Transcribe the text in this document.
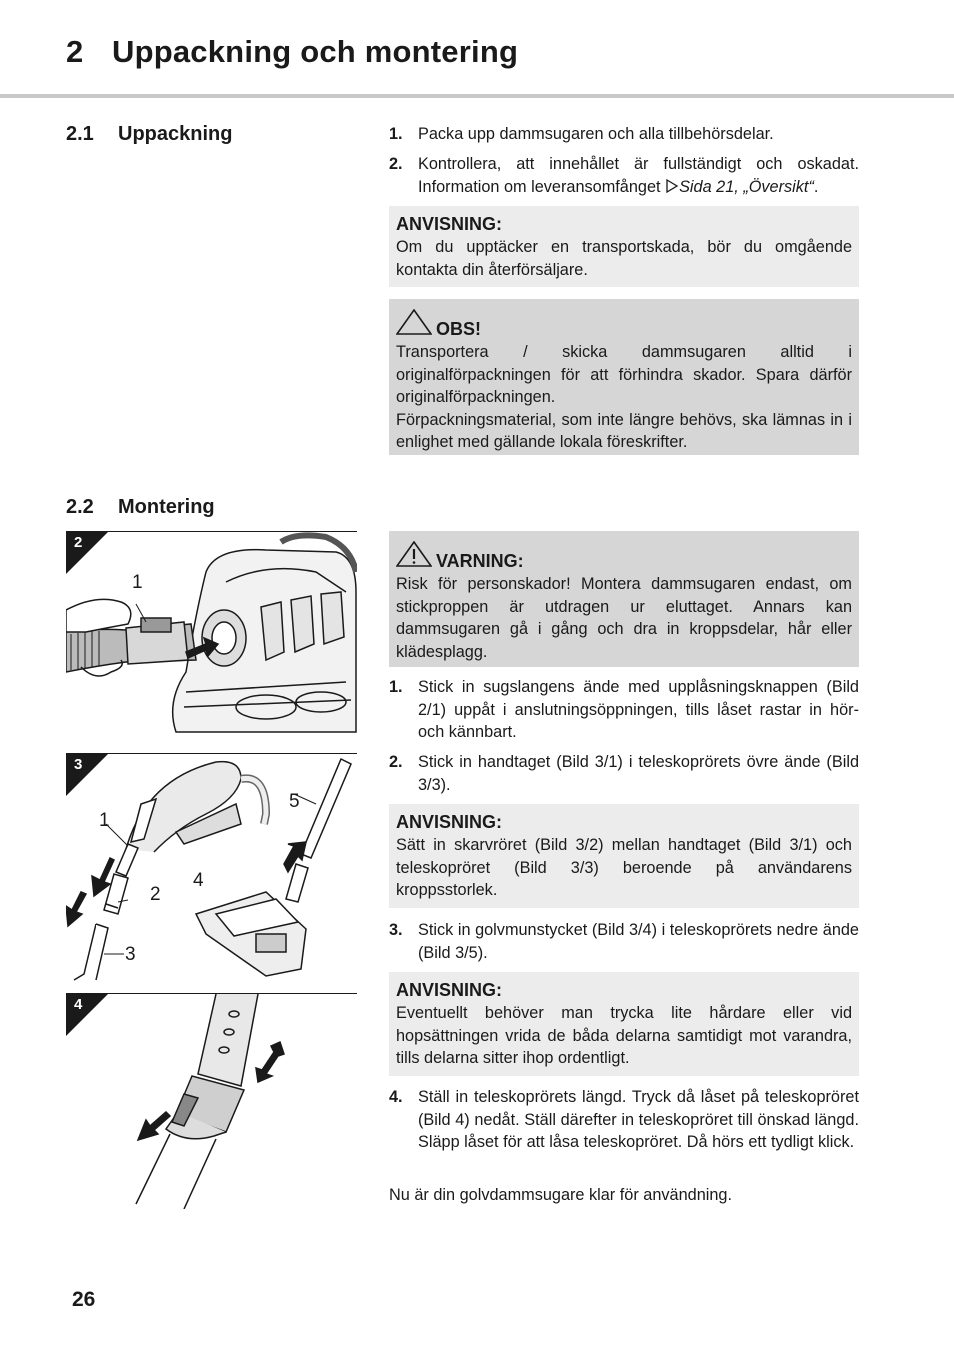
2 Uppackning och montering
2.1 Uppackning	1. Packa upp dammsugaren och alla tillbehörsdelar.
2. Kontrollera, att innehållet är fullständigt och oskadat. Information om leveransomfånget Sida 21, „Översikt“.
ANVISNING:
Om du upptäcker en transportskada, bör du omgående kontakta din återförsäljare.
OBS!
Transportera / skicka dammsugaren alltid i originalförpackningen för att förhindra skador. Spara därför originalförpackningen.
Förpackningsmaterial, som inte längre behövs, ska lämnas in i enlighet med gällande lokala föreskrifter.
2.2 Montering
VARNING:
Risk för personskador! Montera dammsugaren endast, om stickproppen är utdragen ur eluttaget. Annars kan dammsugaren gå i gång och dra in kroppsdelar, hår eller klädesplagg.
1. Stick in sugslangens ände med upplåsningsknappen (Bild 2/1) uppåt i anslutningsöppningen, tills låset rastar in hör- och kännbart.
2. Stick in handtaget (Bild 3/1) i teleskoprörets övre ände (Bild 3/3).
ANVISNING:
Sätt in skarvröret (Bild 3/2) mellan handtaget (Bild 3/1) och teleskopröret (Bild 3/3) beroende på användarens kroppsstorlek.
3. Stick in golvmunstycket (Bild 3/4) i teleskoprörets nedre ände (Bild 3/5).
ANVISNING:
Eventuellt behöver man trycka lite hårdare eller vid hopsättningen vrida de båda delarna samtidigt mot varandra, tills delarna sitter ihop ordentligt.
4. Ställ in teleskoprörets längd. Tryck då låset på teleskopröret (Bild 4) nedåt. Ställ därefter in teleskopröret till önskad längd. Släpp låset för att låsa teleskopröret. Då hörs ett tydligt klick.
Nu är din golvdammsugare klar för användning.
2
1
3
1
2
3
4
5
4
26
